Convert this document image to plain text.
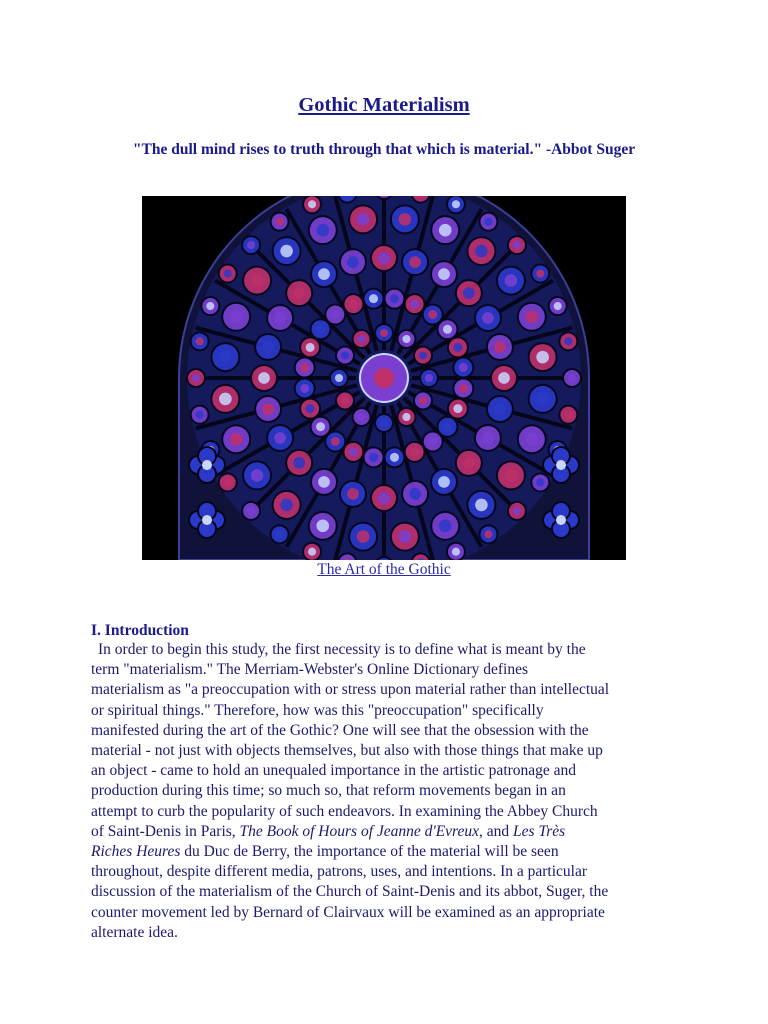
Gothic Materialism
"The dull mind rises to truth through that which is material." -Abbot Suger
The Art of the Gothic
I. Introduction
In order to begin this study, the first necessity is to define what is meant by the
term "materialism." The Merriam-Webster's Online Dictionary defines
materialism as "a preoccupation with or stress upon material rather than intellectual
or spiritual things." Therefore, how was this "preoccupation" specifically
manifested during the art of the Gothic? One will see that the obsession with the
material - not just with objects themselves, but also with those things that make up
an object - came to hold an unequaled importance in the artistic patronage and
production during this time; so much so, that reform movements began in an
attempt to curb the popularity of such endeavors. In examining the Abbey Church
of Saint-Denis in Paris, The Book of Hours of Jeanne d'Evreux, and Les Très
Riches Heures du Duc de Berry, the importance of the material will be seen
throughout, despite different media, patrons, uses, and intentions. In a particular
discussion of the materialism of the Church of Saint-Denis and its abbot, Suger, the
counter movement led by Bernard of Clairvaux will be examined as an appropriate
alternate idea.
